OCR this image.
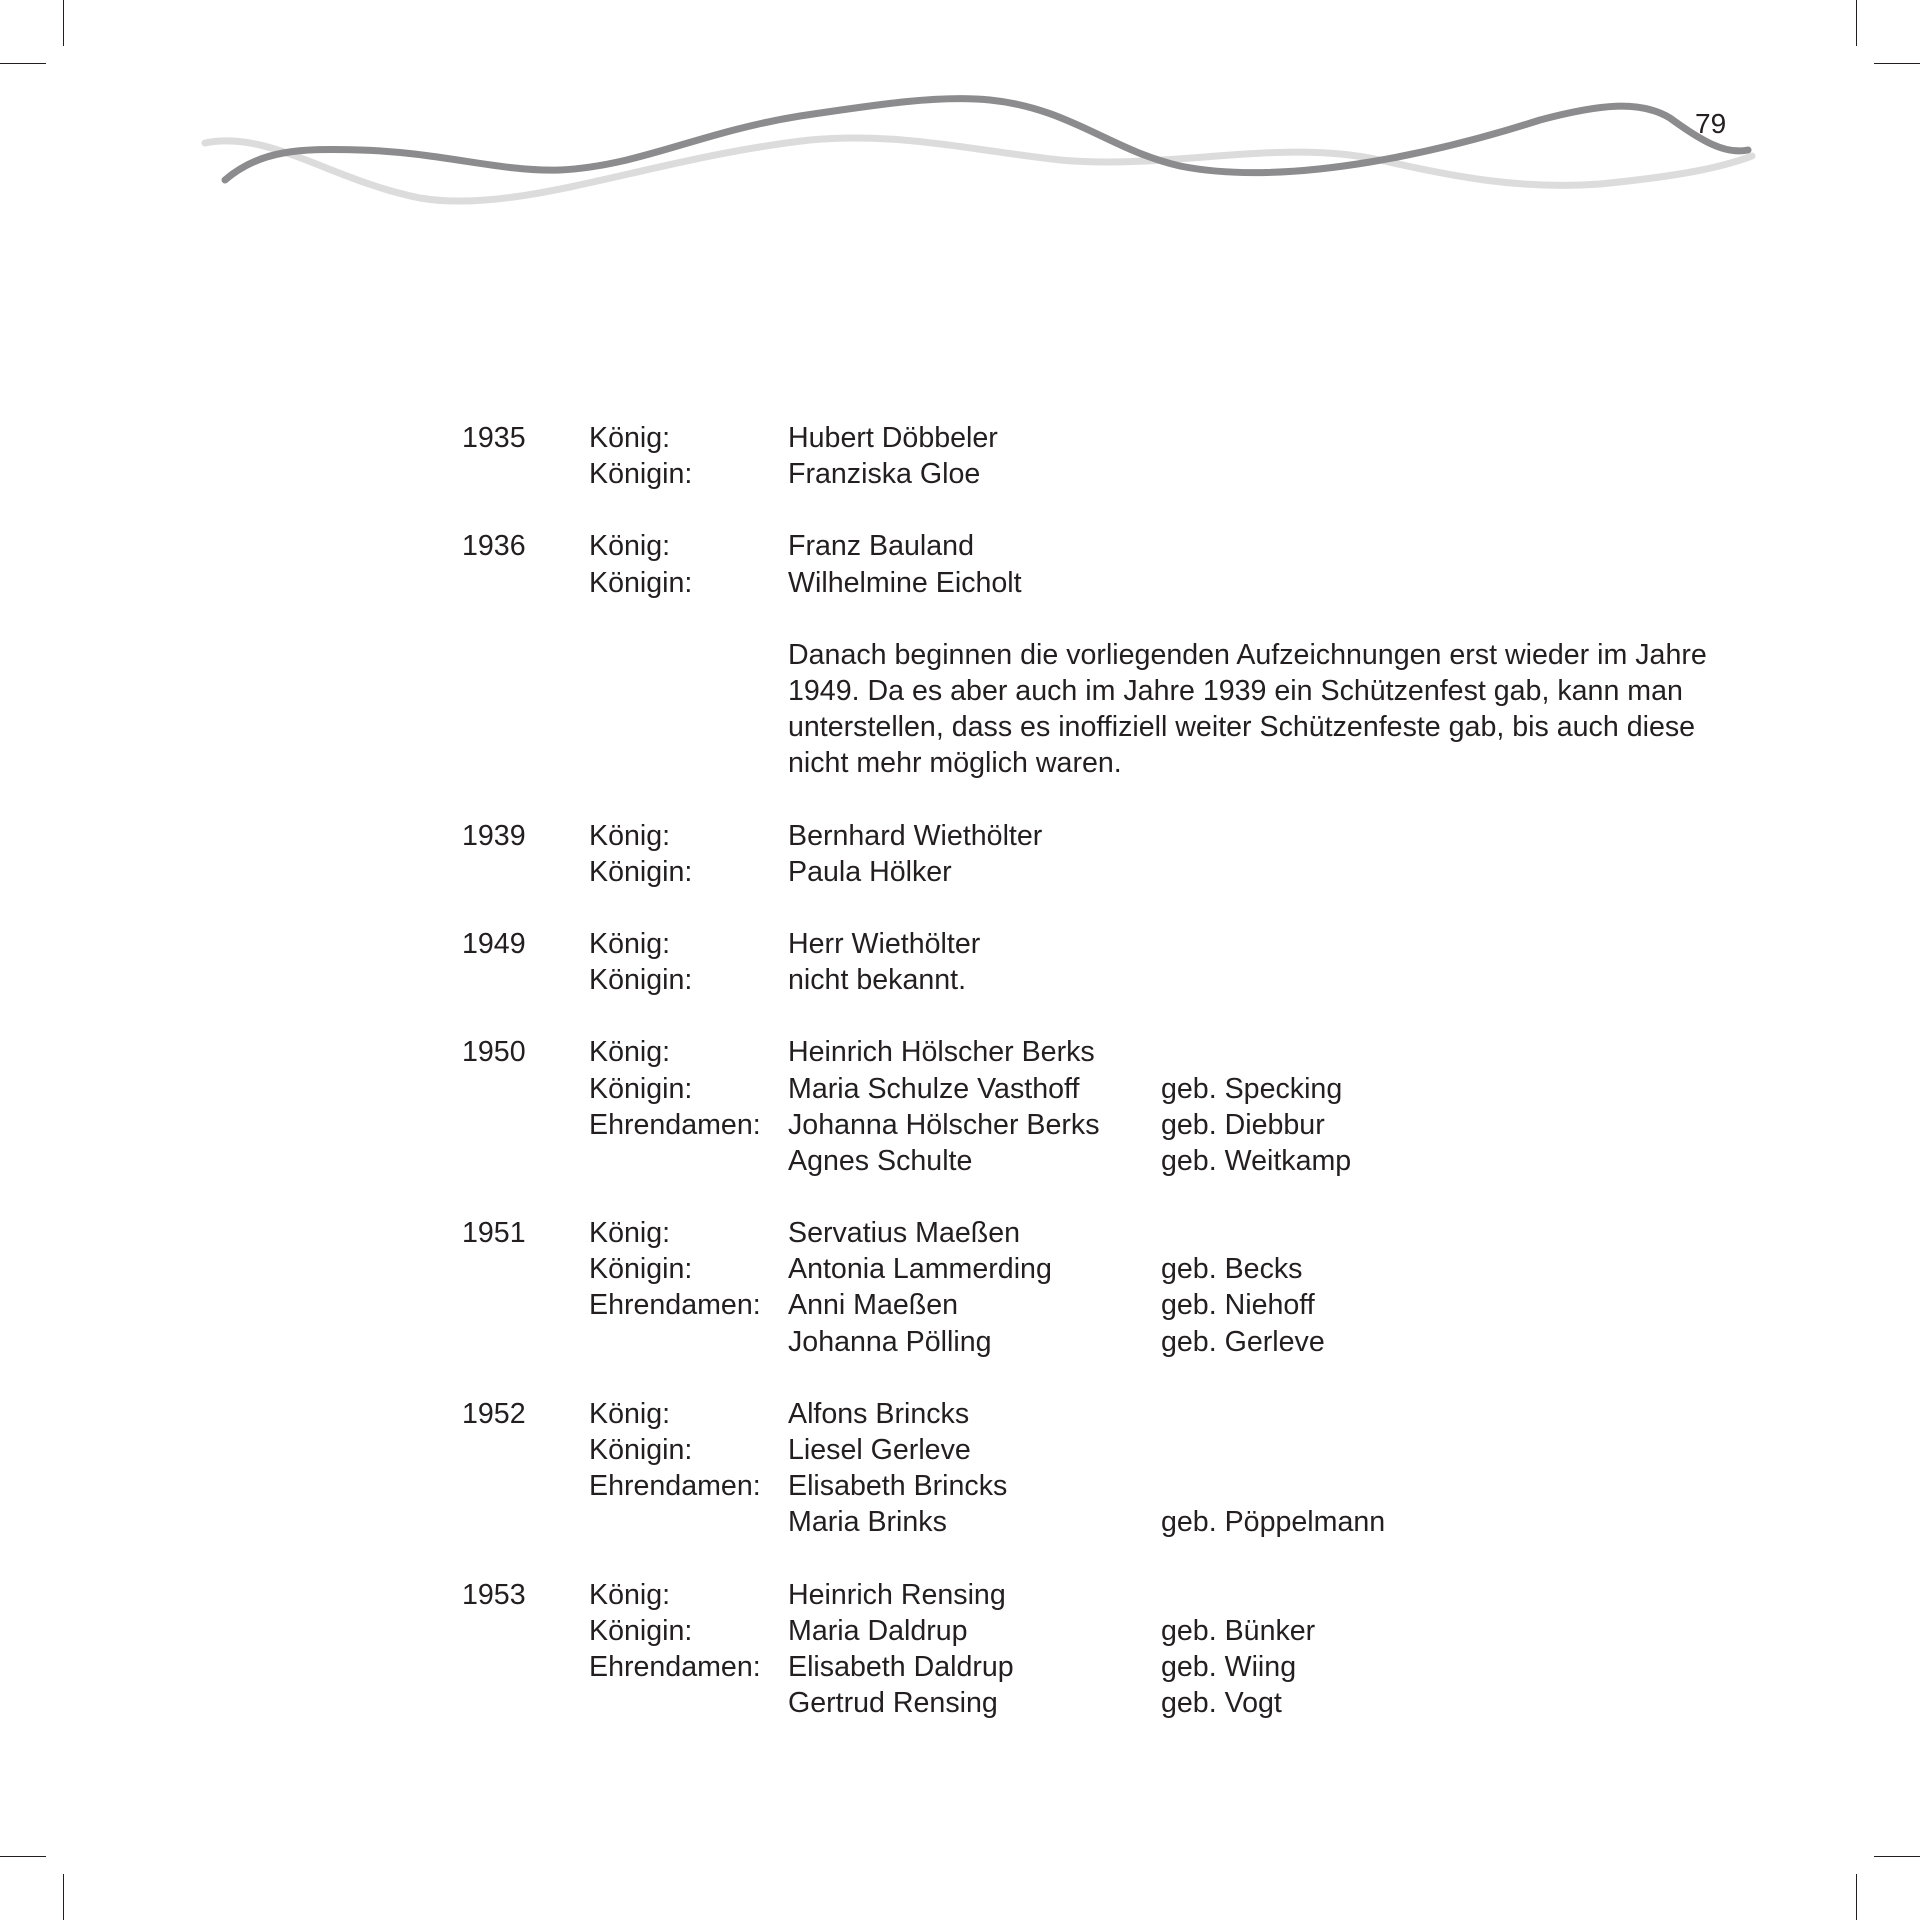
79
1935 König:	Hubert Döbbeler
Königin:	Franziska Gloe
1936 König:	Franz Bauland
Königin:	Wilhelmine Eicholt
Danach beginnen die vorliegenden Aufzeichnungen erst wieder im Jahre 1949. Da es aber auch im Jahre 1939 ein Schützenfest gab, kann man unterstellen, dass es inoffiziell weiter Schützenfeste gab, bis auch diese nicht mehr möglich waren.
1939 König:	Bernhard Wiethölter
Königin:	Paula Hölker
1949 König:	Herr Wiethölter
Königin:	nicht bekannt.
1950 König:	Heinrich Hölscher Berks
Königin:	Maria Schulze Vasthoff	geb. Specking
Ehrendamen: Johanna Hölscher Berks geb. Diebbur
Agnes Schulte	geb. Weitkamp
1951 König:	Servatius Maeßen
Königin:	Antonia Lammerding	geb. Becks
Ehrendamen: Anni Maeßen	geb. Niehoff
Johanna Pölling	geb. Gerleve
1952 König:	Alfons Brincks
Königin:	Liesel Gerleve
Ehrendamen: Elisabeth Brincks
Maria Brinks	geb. Pöppelmann
1953 König:	Heinrich Rensing
Königin:	Maria Daldrup	geb. Bünker
Ehrendamen: Elisabeth Daldrup	geb. Wiing
Gertrud Rensing	geb. Vogt
